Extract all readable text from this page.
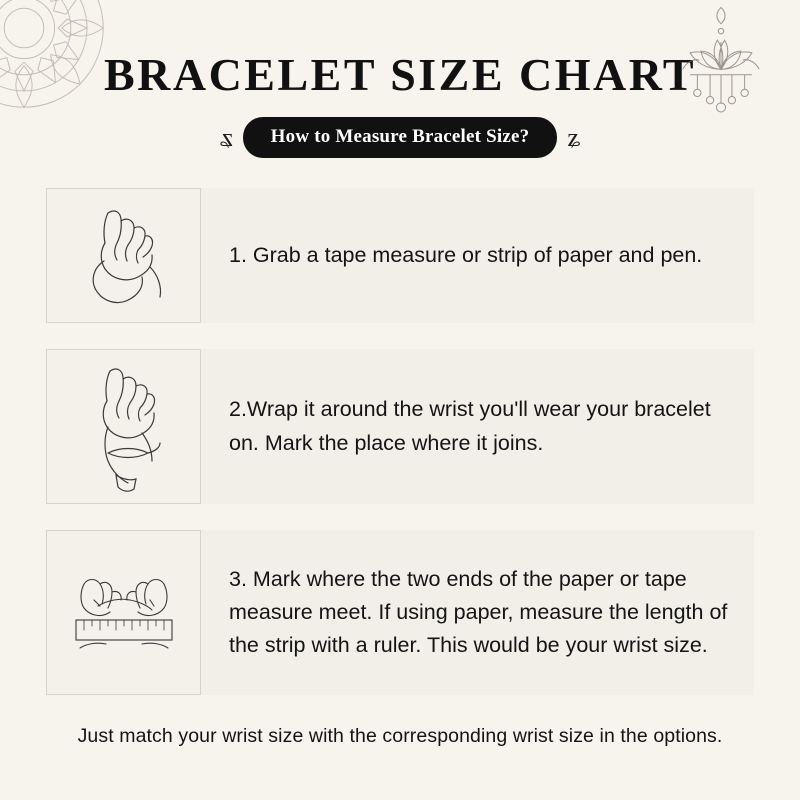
BRACELET SIZE CHART
ʑ	How to Measure Bracelet Size?	ʑ
1. Grab a tape measure or strip of paper and pen.
2.Wrap it around the wrist you'll wear your bracelet on. Mark the place where it joins.
3. Mark where the two ends of the paper or tape measure meet. If using paper, measure the length of the strip with a ruler. This would be your wrist size.
Just match your wrist size with the corresponding wrist size in the options.
